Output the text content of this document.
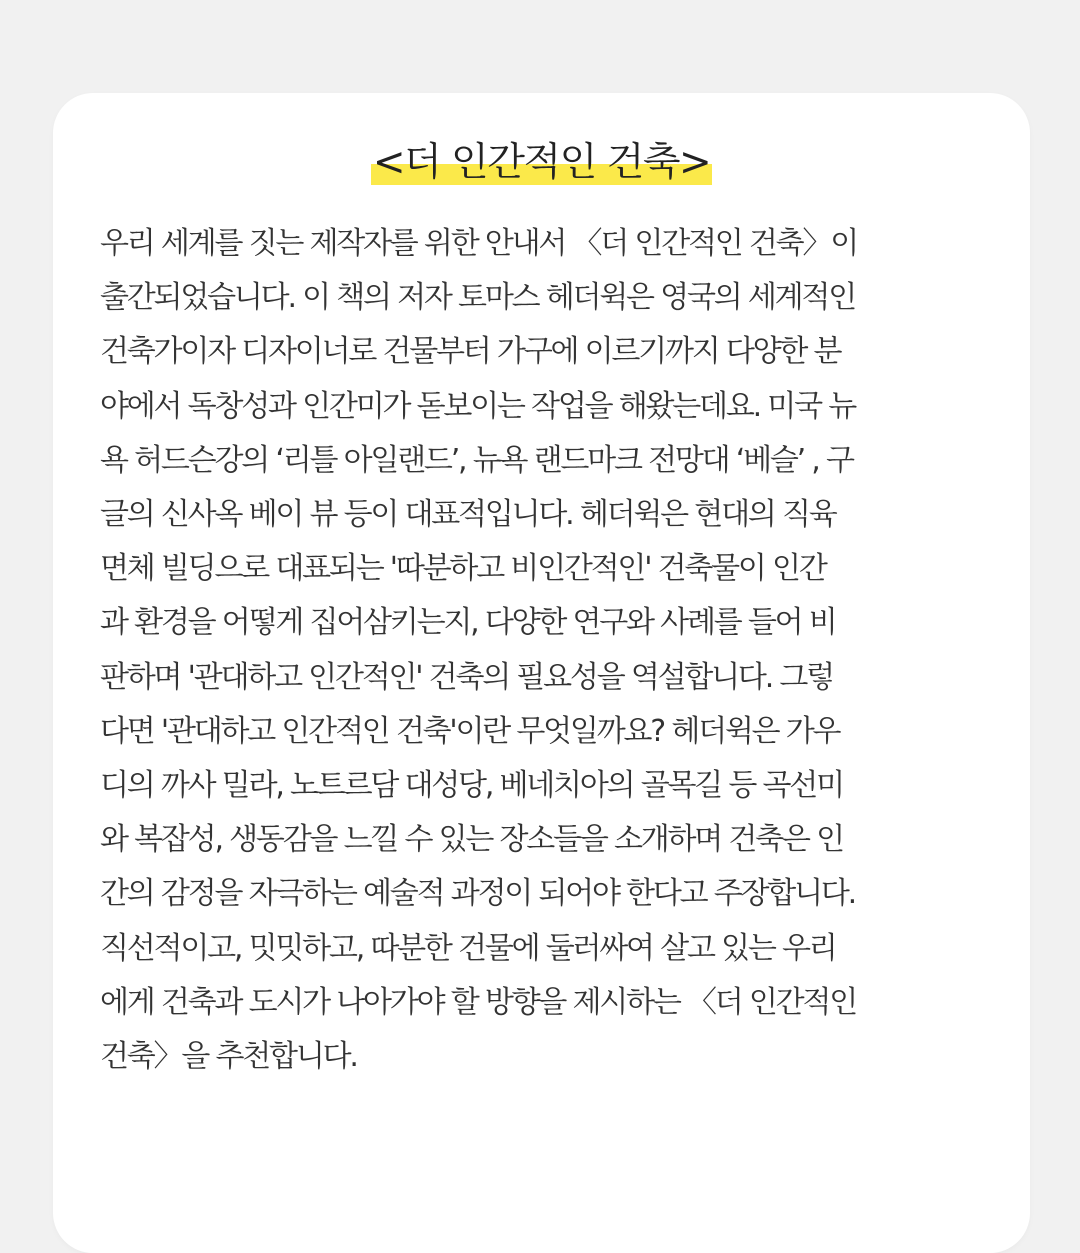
<더 인간적인 건축>
우리 세계를 짓는 제작자를 위한 안내서 〈더 인간적인 건축〉이
출간되었습니다. 이 책의 저자 토마스 헤더윅은 영국의 세계적인
건축가이자 디자이너로 건물부터 가구에 이르기까지 다양한 분
야에서 독창성과 인간미가 돋보이는 작업을 해왔는데요. 미국 뉴
욕 허드슨강의 ‘리틀 아일랜드’, 뉴욕 랜드마크 전망대 ‘베슬’ , 구
글의 신사옥 베이 뷰 등이 대표적입니다. 헤더윅은 현대의 직육
면체 빌딩으로 대표되는 '따분하고 비인간적인' 건축물이 인간
과 환경을 어떻게 집어삼키는지, 다양한 연구와 사례를 들어 비
판하며 '관대하고 인간적인' 건축의 필요성을 역설합니다. 그렇
다면 '관대하고 인간적인 건축'이란 무엇일까요? 헤더윅은 가우
디의 까사 밀라, 노트르담 대성당, 베네치아의 골목길 등 곡선미
와 복잡성, 생동감을 느낄 수 있는 장소들을 소개하며 건축은 인
간의 감정을 자극하는 예술적 과정이 되어야 한다고 주장합니다.
직선적이고, 밋밋하고, 따분한 건물에 둘러싸여 살고 있는 우리
에게 건축과 도시가 나아가야 할 방향을 제시하는 〈더 인간적인
건축〉을 추천합니다.
